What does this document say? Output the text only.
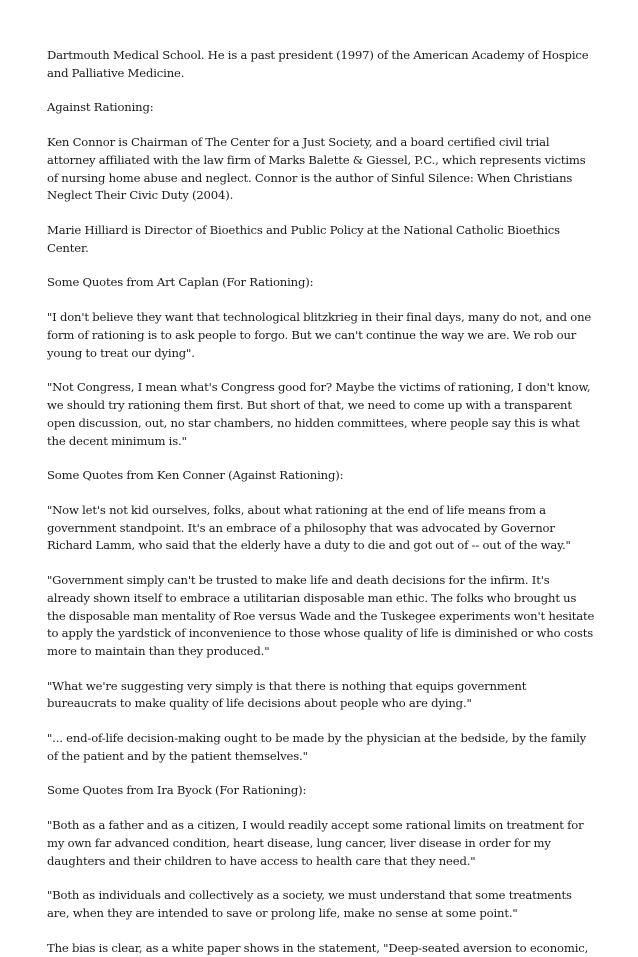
Dartmouth Medical School. He is a past president (1997) of the American Academy of Hospice and Palliative Medicine.

Against Rationing:

Ken Connor is Chairman of The Center for a Just Society, and a board certified civil trial attorney affiliated with the law firm of Marks Balette & Giessel, P.C., which represents victims of nursing home abuse and neglect. Connor is the author of Sinful Silence: When Christians Neglect Their Civic Duty (2004).

Marie Hilliard is Director of Bioethics and Public Policy at the National Catholic Bioethics Center.

Some Quotes from Art Caplan (For Rationing):

"I don't believe they want that technological blitzkrieg in their final days, many do not, and one form of rationing is to ask people to forgo. But we can't continue the way we are. We rob our young to treat our dying".

"Not Congress, I mean what's Congress good for? Maybe the victims of rationing, I don't know, we should try rationing them first. But short of that, we need to come up with a transparent open discussion, out, no star chambers, no hidden committees, where people say this is what the decent minimum is."

Some Quotes from Ken Conner (Against Rationing):

"Now let's not kid ourselves, folks, about what rationing at the end of life means from a government standpoint. It's an embrace of a philosophy that was advocated by Governor Richard Lamm, who said that the elderly have a duty to die and got out of -- out of the way."

"Government simply can't be trusted to make life and death decisions for the infirm. It's already shown itself to embrace a utilitarian disposable man ethic. The folks who brought us the disposable man mentality of Roe versus Wade and the Tuskegee experiments won't hesitate to apply the yardstick of inconvenience to those whose quality of life is diminished or who costs more to maintain than they produced."

"What we're suggesting very simply is that there is nothing that equips government bureaucrats to make quality of life decisions about people who are dying."

"... end-of-life decision-making ought to be made by the physician at the bedside, by the family of the patient and by the patient themselves."

Some Quotes from Ira Byock (For Rationing):

"Both as a father and as a citizen, I would readily accept some rational limits on treatment for my own far advanced condition, heart disease, lung cancer, liver disease in order for my daughters and their children to have access to health care that they need."

"Both as individuals and collectively as a society, we must understand that some treatments are, when they are intended to save or prolong life, make no sense at some point."

The bias is clear, as a white paper shows in the statement, "Deep-seated aversion to economic,
